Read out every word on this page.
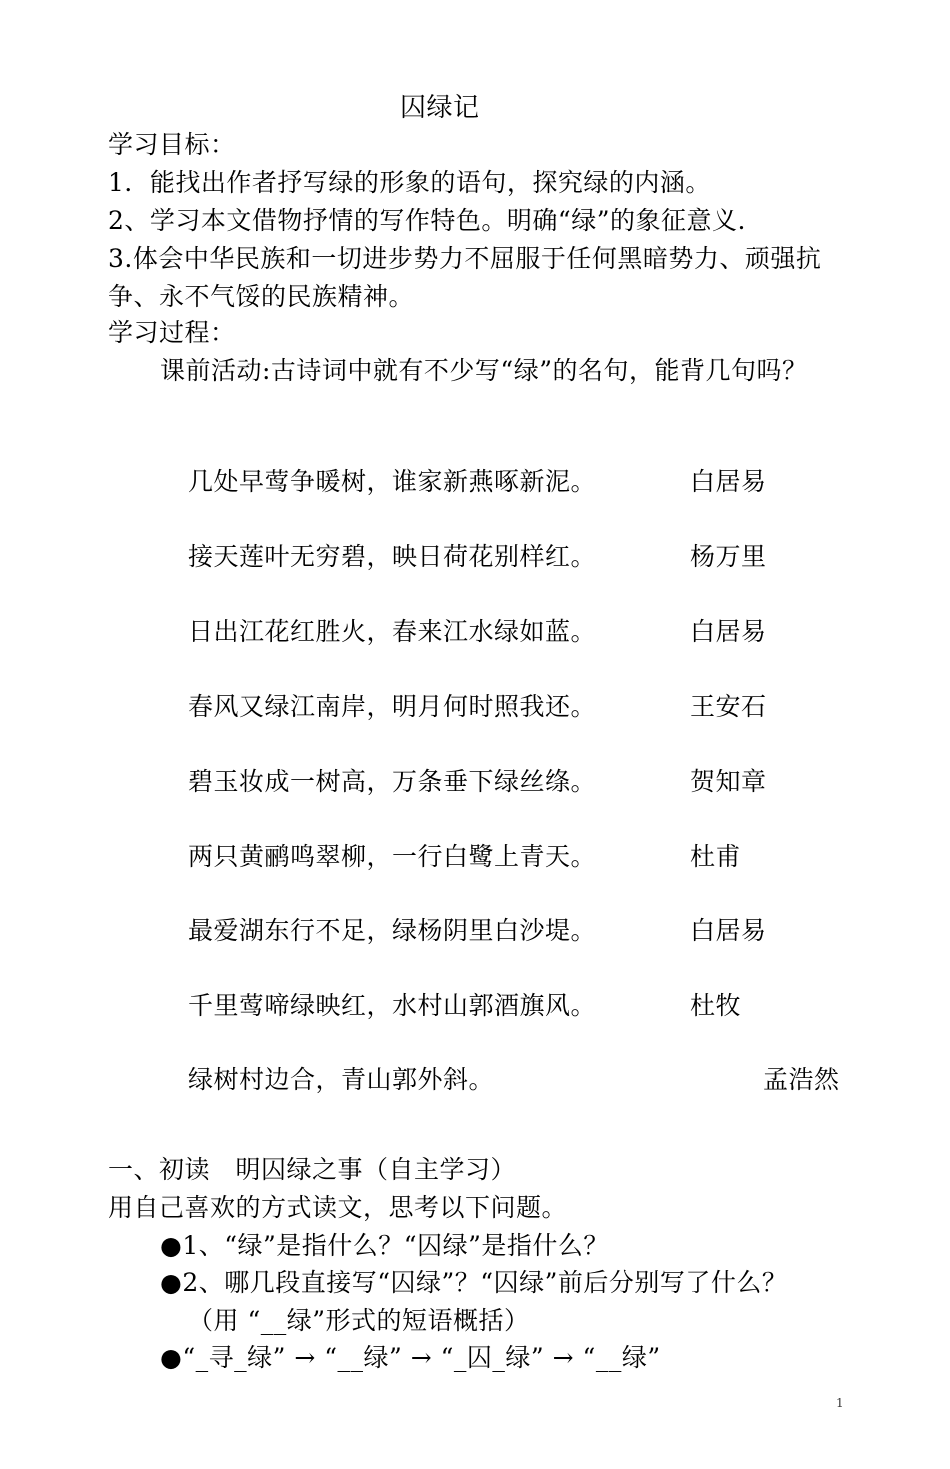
囚绿记
学习目标：
1．能找出作者抒写绿的形象的语句，探究绿的内涵。
2、学习本文借物抒情的写作特色。明确“绿”的象征意义.
3.体会中华民族和一切进步势力不屈服于任何黑暗势力、顽强抗
争、永不气馁的民族精神。
学习过程：
课前活动:古诗词中就有不少写“绿”的名句，能背几句吗？
几处早莺争暖树，谁家新燕啄新泥。	白居易
接天莲叶无穷碧，映日荷花别样红。	杨万里
日出江花红胜火，春来江水绿如蓝。	白居易
春风又绿江南岸，明月何时照我还。	王安石
碧玉妆成一树高，万条垂下绿丝绦。	贺知章
两只黄鹂鸣翠柳，一行白鹭上青天。	杜甫
最爱湖东行不足，绿杨阴里白沙堤。	白居易
千里莺啼绿映红，水村山郭酒旗风。	杜牧
绿树村边合，青山郭外斜。	孟浩然
一、初读　明囚绿之事（自主学习）
用自己喜欢的方式读文，思考以下问题。
●1、“绿”是指什么？“囚绿”是指什么？
●2、哪几段直接写“囚绿”？“囚绿”前后分别写了什么？
（用 “__绿”形式的短语概括）
●“_寻_绿” → “__绿” → “_囚_绿” → “__绿”
1
